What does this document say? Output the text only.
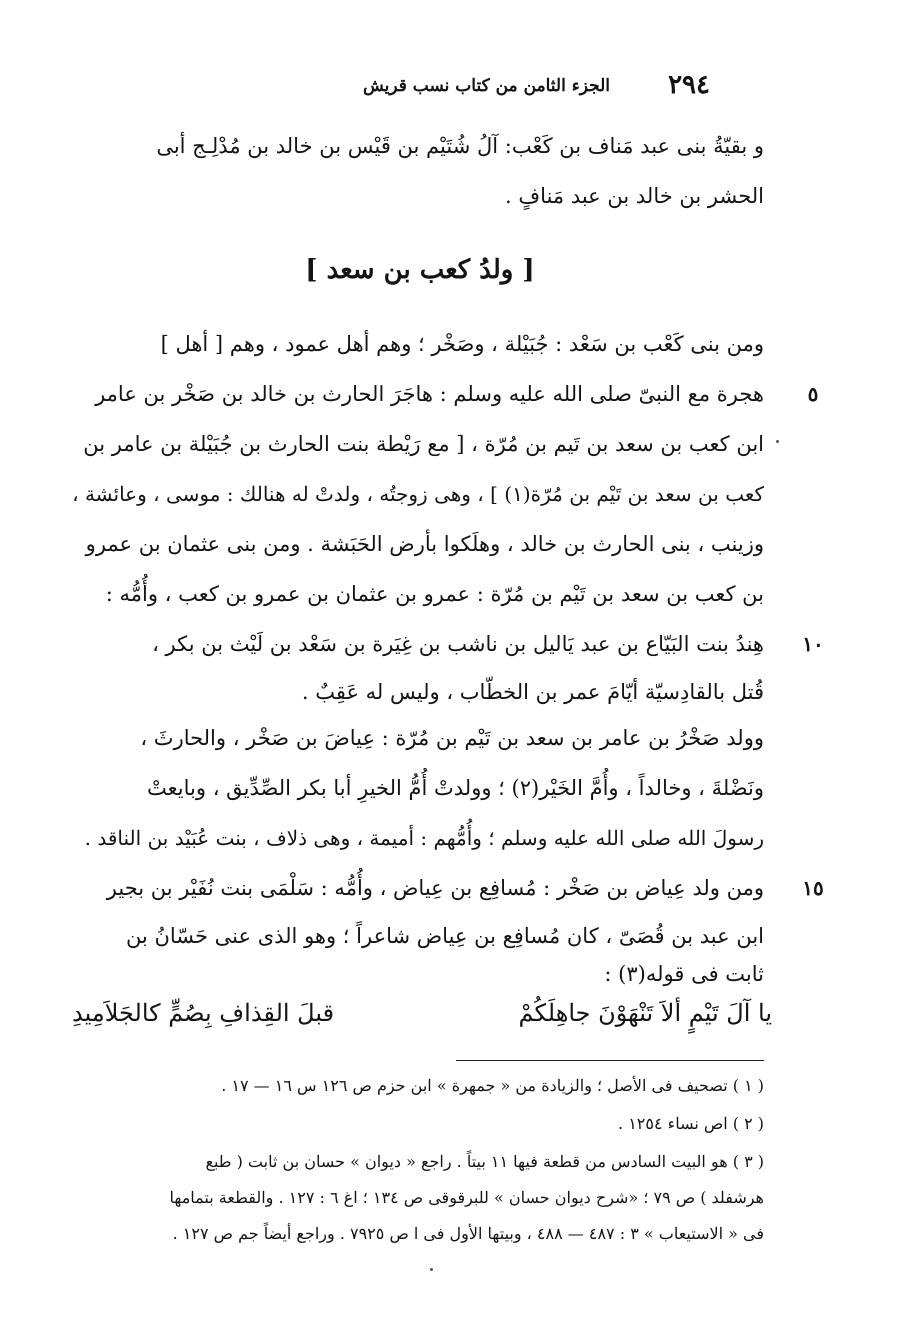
٢٩٤
الجزء الثامن من كتاب نسب قريش
و بقيّةُ بنى عبد مَناف بن كَعْب: آلُ شُتَيْم بن قَيْس بن خالد بن مُدْلِـج أبى
الحشر بن خالد بن عبد مَنافٍ .
[ ولدُ كعب بن سعد ]
ومن بنى كَعْب بن سَعْد : جُبَيْلة ، وصَخْر ؛ وهم أهل عمود ، وهم [ أهل ]
هجرة مع النبىّ صلى الله عليه وسلم : هاجَرَ الحارث بن خالد بن صَخْر بن عامر
ابن كعب بن سعد بن تَيم بن مُرّة ، [ مع رَيْطة بنت الحارث بن جُبَيْلة بن عامر بن
كعب بن سعد بن تَيْم بن مُرّة(١) ] ، وهى زوجتُه ، ولدتْ له هنالك : موسى ، وعائشة ،
وزينب ، بنى الحارث بن خالد ، وهلَكوا بأرض الحَبَشة . ومن بنى عثمان بن عمرو
بن كعب بن سعد بن تَيْم بن مُرّة : عمرو بن عثمان بن عمرو بن كعب ، وأُمُّه :
هِندُ بنت البَيّاع بن عبد يَاليل بن ناشب بن غِيَرة بن سَعْد بن لَيْث بن بكر ،
قُتل بالقادِسيّة أيّامَ عمر بن الخطّاب ، وليس له عَقِبٌ .
وولد صَخْرُ بن عامر بن سعد بن تَيْم بن مُرّة : عِياضَ بن صَخْر ، والحارثَ ،
ونَضْلةَ ، وخالداً ، وأُمَّ الخَيْر(٢) ؛ وولدتْ أُمُّ الخيرِ أبا بكر الصِّدِّيق ، وبايعتْ
رسولَ الله صلى الله عليه وسلم ؛ وأُمُّهم : أميمة ، وهى ذلاف ، بنت عُبَيْد بن الناقد .
ومن ولد عِياض بن صَخْر : مُسافِع بن عِياض ، وأُمُّه : سَلْمَى بنت نُفَيْر بن بجير
ابن عبد بن قُصَىّ ، كان مُسافِع بن عِياض شاعراً ؛ وهو الذى عنى حَسّانُ بن
ثابت فى قوله(٣) :
٥
١٠
١٥
يا آلَ تَيْمٍ ألاَ تَنْهَوْنَ جاهِلَكُمْ
قبلَ القِذافِ بِصُمٍّ كالجَلاَمِيدِ
( ١ ) تصحيف فى الأصل ؛ والزيادة من « جمهرة » ابن حزم ص ١٢٦ س ١٦ — ١٧ .
( ٢ ) اص نساء ١٢٥٤ .
( ٣ ) هو البيت السادس من قطعة فيها ١١ بيتاً . راجع « ديوان » حسان بن ثابت ( طبع
هرشفلد ) ص ٧٩ ؛ «شرح ديوان حسان » للبرقوقى ص ١٣٤ ؛ اغ ٦ : ١٢٧ . والقطعة بتمامها
فى « الاستيعاب » ٣ : ٤٨٧ — ٤٨٨ ، وبيتها الأول فى ا ص ٧٩٢٥ . وراجع أيضاً جم ص ١٢٧ .
